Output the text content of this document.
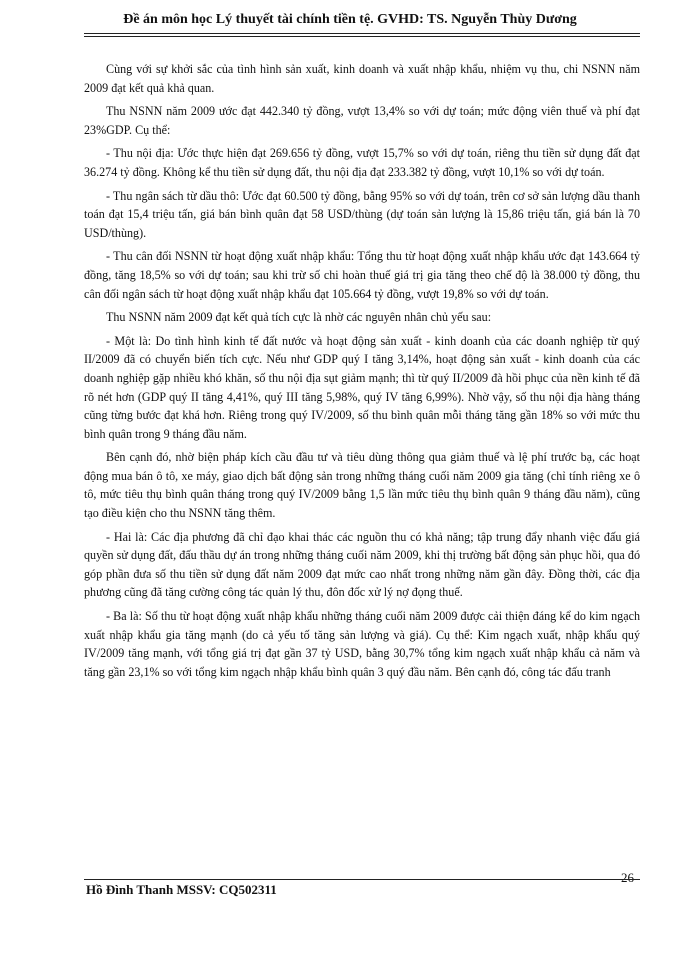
Đề án môn học Lý thuyết tài chính tiền tệ. GVHD: TS. Nguyễn Thùy Dương

Cùng với sự khởi sắc của tình hình sản xuất, kinh doanh và xuất nhập khẩu, nhiệm vụ thu, chi NSNN năm 2009 đạt kết quả khả quan.

Thu NSNN năm 2009 ước đạt 442.340 tỷ đồng, vượt 13,4% so với dự toán; mức động viên thuế và phí đạt 23%GDP. Cụ thể:

- Thu nội địa: Ước thực hiện đạt 269.656 tỷ đồng, vượt 15,7% so với dự toán, riêng thu tiền sử dụng đất đạt 36.274 tỷ đồng. Không kể thu tiền sử dụng đất, thu nội địa đạt 233.382 tỷ đồng, vượt 10,1% so với dự toán.

- Thu ngân sách từ dầu thô: Ước đạt 60.500 tỷ đồng, bằng 95% so với dự toán, trên cơ sở sản lượng dầu thanh toán đạt 15,4 triệu tấn, giá bán bình quân đạt 58 USD/thùng (dự toán sản lượng là 15,86 triệu tấn, giá bán là 70 USD/thùng).

- Thu cân đối NSNN từ hoạt động xuất nhập khẩu: Tổng thu từ hoạt động xuất nhập khẩu ước đạt 143.664 tỷ đồng, tăng 18,5% so với dự toán; sau khi trừ số chi hoàn thuế giá trị gia tăng theo chế độ là 38.000 tỷ đồng, thu cân đối ngân sách từ hoạt động xuất nhập khẩu đạt 105.664 tỷ đồng, vượt 19,8% so với dự toán.

Thu NSNN năm 2009 đạt kết quả tích cực là nhờ các nguyên nhân chủ yếu sau:

- Một là: Do tình hình kinh tế đất nước và hoạt động sản xuất - kinh doanh của các doanh nghiệp từ quý II/2009 đã có chuyển biến tích cực. Nếu như GDP quý I tăng 3,14%, hoạt động sản xuất - kinh doanh của các doanh nghiệp gặp nhiều khó khăn, số thu nội địa sụt giảm mạnh; thì từ quý II/2009 đà hồi phục của nền kinh tế đã rõ nét hơn (GDP quý II tăng 4,41%, quý III tăng 5,98%, quý IV tăng 6,99%). Nhờ vậy, số thu nội địa hàng tháng cũng từng bước đạt khá hơn. Riêng trong quý IV/2009, số thu bình quân mỗi tháng tăng gần 18% so với mức thu bình quân trong 9 tháng đầu năm.

Bên cạnh đó, nhờ biện pháp kích cầu đầu tư và tiêu dùng thông qua giảm thuế và lệ phí trước bạ, các hoạt động mua bán ô tô, xe máy, giao dịch bất động sản trong những tháng cuối năm 2009 gia tăng (chỉ tính riêng xe ô tô, mức tiêu thụ bình quân tháng trong quý IV/2009 bằng 1,5 lần mức tiêu thụ bình quân 9 tháng đầu năm), cũng tạo điều kiện cho thu NSNN tăng thêm.

- Hai là: Các địa phương đã chỉ đạo khai thác các nguồn thu có khả năng; tập trung đẩy nhanh việc đấu giá quyền sử dụng đất, đấu thầu dự án trong những tháng cuối năm 2009, khi thị trường bất động sản phục hồi, qua đó góp phần đưa số thu tiền sử dụng đất năm 2009 đạt mức cao nhất trong những năm gần đây. Đồng thời, các địa phương cũng đã tăng cường công tác quản lý thu, đôn đốc xử lý nợ đọng thuế.

- Ba là: Số thu từ hoạt động xuất nhập khẩu những tháng cuối năm 2009 được cải thiện đáng kể do kim ngạch xuất nhập khẩu gia tăng mạnh (do cả yếu tố tăng sản lượng và giá). Cụ thể: Kim ngạch xuất, nhập khẩu quý IV/2009 tăng mạnh, với tổng giá trị đạt gần 37 tỷ USD, bằng 30,7% tổng kim ngạch xuất nhập khẩu cả năm và tăng gần 23,1% so với tổng kim ngạch nhập khẩu bình quân 3 quý đầu năm. Bên cạnh đó, công tác đấu tranh

26
Hồ Đình Thanh MSSV: CQ502311
